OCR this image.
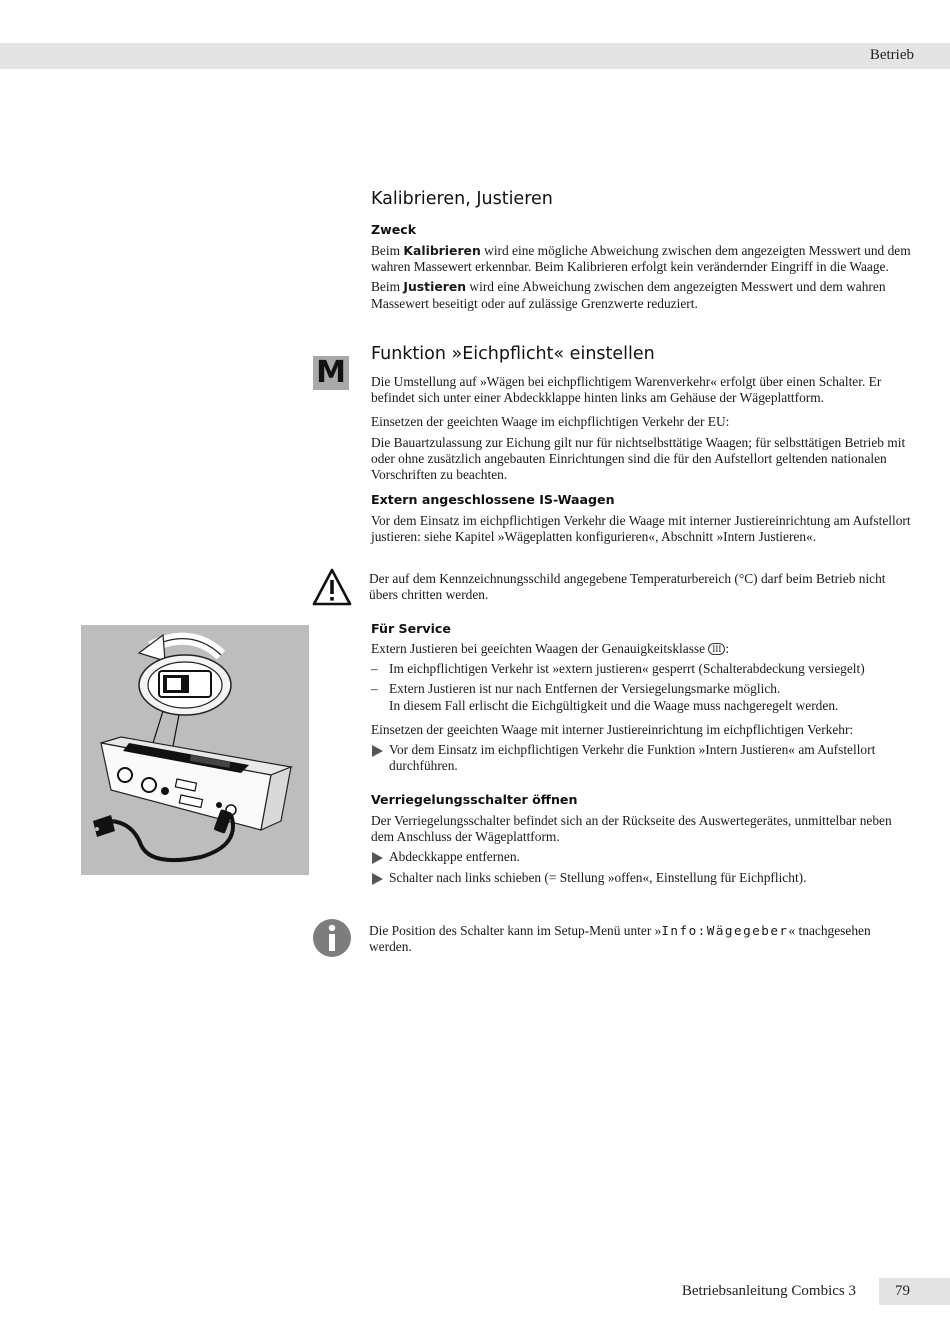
Betrieb
Kalibrieren, Justieren
Zweck

Beim Kalibrieren wird eine mögliche Abweichung zwischen dem angezeigten Messwert und dem wahren Massewert erkennbar. Beim Kalibrieren erfolgt kein verändernder Eingriff in die Waage.

Beim Justieren wird eine Abweichung zwischen dem angezeigten Messwert und dem wahren Massewert beseitigt oder auf zulässige Grenzwerte reduziert.

M
Funktion »Eichpflicht« einstellen

Die Umstellung auf »Wägen bei eichpflichtigem Warenverkehr« erfolgt über einen Schalter. Er befindet sich unter einer Abdeckklappe hinten links am Gehäuse der Wägeplattform.

Einsetzen der geeichten Waage im eichpflichtigen Verkehr der EU:

Die Bauartzulassung zur Eichung gilt nur für nichtselbsttätige Waagen; für selbsttätigen Betrieb mit oder ohne zusätzlich angebauten Einrichtungen sind die für den Aufstellort geltenden nationalen Vorschriften zu beachten.

Extern angeschlossene IS-Waagen

Vor dem Einsatz im eichpflichtigen Verkehr die Waage mit interner Justiereinrichtung am Aufstellort justieren: siehe Kapitel »Wägeplatten konfigurieren«, Abschnitt »Intern Justieren«.

Der auf dem Kennzeichnungsschild angegebene Temperaturbereich (°C) darf beim Betrieb nicht übers chritten werden.

Für Service

Extern Justieren bei geeichten Waagen der Genauigkeitsklasse III :

– Im eichpflichtigen Verkehr ist »extern justieren« gesperrt (Schalterabdeckung versiegelt)
– Extern Justieren ist nur nach Entfernen der Versiegelungsmarke möglich.
In diesem Fall erlischt die Eichgültigkeit und die Waage muss nachgeregelt werden.

Einsetzen der geeichten Waage mit interner Justiereinrichtung im eichpflichtigen Verkehr:

Vor dem Einsatz im eichpflichtigen Verkehr die Funktion »Intern Justieren« am Aufstellort durchführen.
Verriegelungsschalter öffnen

Der Verriegelungsschalter befindet sich an der Rückseite des Auswertegerätes, unmittelbar neben dem Anschluss der Wägeplattform.

Abdeckkappe entfernen.
Schalter nach links schieben (= Stellung »offen«, Einstellung für Eichpflicht).

Die Position des Schalter kann im Setup-Menü unter »Info:Wägegeber« tnachgesehen werden.

Betriebsanleitung Combics 3	79
